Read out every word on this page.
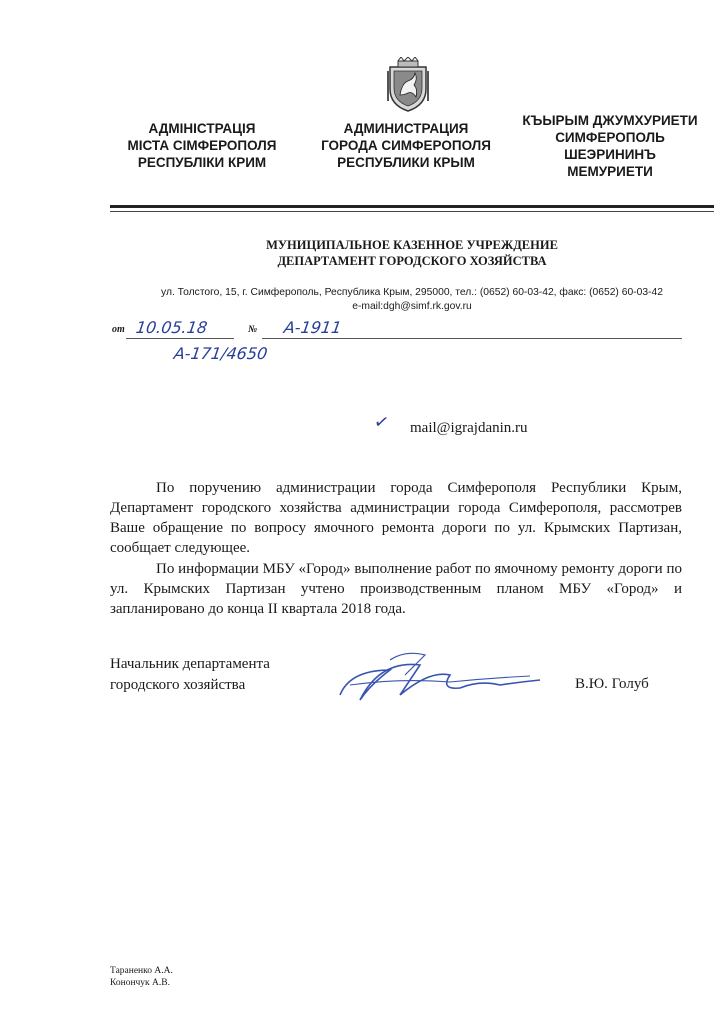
АДМІНІСТРАЦІЯ
МІСТА СІМФЕРОПОЛЯ
РЕСПУБЛІКИ КРИМ
АДМИНИСТРАЦИЯ
ГОРОДА СИМФЕРОПОЛЯ
РЕСПУБЛИКИ КРЫМ
КЪЫРЫМ ДЖУМХУРИЕТИ
СИМФЕРОПОЛЬ
ШЕЭРИНИНЪ
МЕМУРИЕТИ
МУНИЦИПАЛЬНОЕ КАЗЕННОЕ УЧРЕЖДЕНИЕ
ДЕПАРТАМЕНТ ГОРОДСКОГО ХОЗЯЙСТВА
ул. Толстого, 15, г. Симферополь, Республика Крым, 295000, тел.: (0652) 60-03-42, факс: (0652) 60-03-42
e-mail:dgh@simf.rk.gov.ru
от 10.05.18	№ А-1911
А-171/4650
✓ mail@igrajdanin.ru
По поручению администрации города Симферополя Республики Крым, Департамент городского хозяйства администрации города Симферополя, рассмотрев Ваше обращение по вопросу ямочного ремонта дороги по ул. Крымских Партизан, сообщает следующее.
По информации МБУ «Город» выполнение работ по ямочному ремонту дороги по ул. Крымских Партизан учтено производственным планом МБУ «Город» и запланировано до конца II квартала 2018 года.
Начальник департамента
городского хозяйства	В.Ю. Голуб
Тараненко А.А.
Конончук А.В.
